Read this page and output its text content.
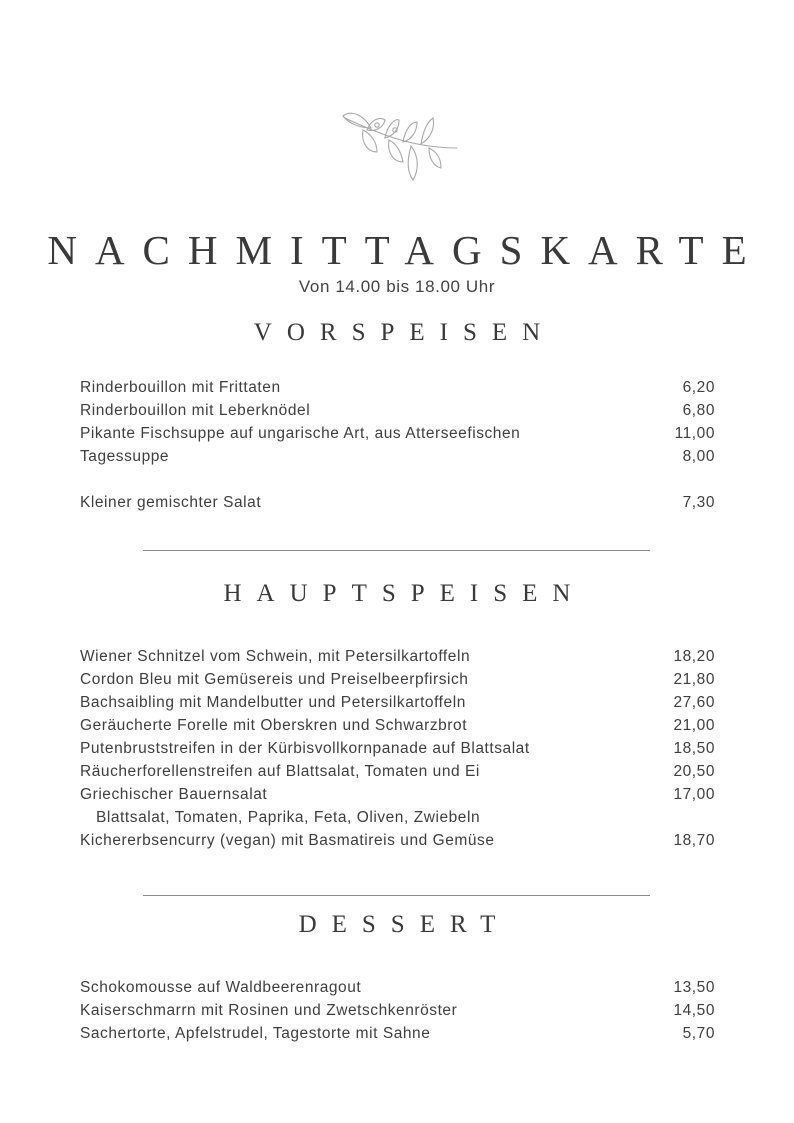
NACHMITTAGSKARTE
Von 14.00 bis 18.00 Uhr
VORSPEISEN
Rinderbouillon mit Frittaten	6,20
Rinderbouillon mit Leberknödel	6,80
Pikante Fischsuppe auf ungarische Art, aus Atterseefischen	11,00
Tagessuppe	8,00
Kleiner gemischter Salat	7,30
HAUPTSPEISEN
Wiener Schnitzel vom Schwein, mit Petersilkartoffeln	18,20
Cordon Bleu mit Gemüsereis und Preiselbeerpfirsich	21,80
Bachsaibling mit Mandelbutter und Petersilkartoffeln	27,60
Geräucherte Forelle mit Oberskren und Schwarzbrot	21,00
Putenbruststreifen in der Kürbisvollkornpanade auf Blattsalat	18,50
Räucherforellenstreifen auf Blattsalat, Tomaten und Ei	20,50
Griechischer Bauernsalat	17,00
Blattsalat, Tomaten, Paprika, Feta, Oliven, Zwiebeln
Kichererbsencurry (vegan) mit Basmatireis und Gemüse	18,70
DESSERT
Schokomousse auf Waldbeerenragout	13,50
Kaiserschmarrn mit Rosinen und Zwetschkenröster	14,50
Sachertorte, Apfelstrudel, Tagestorte mit Sahne	5,70
